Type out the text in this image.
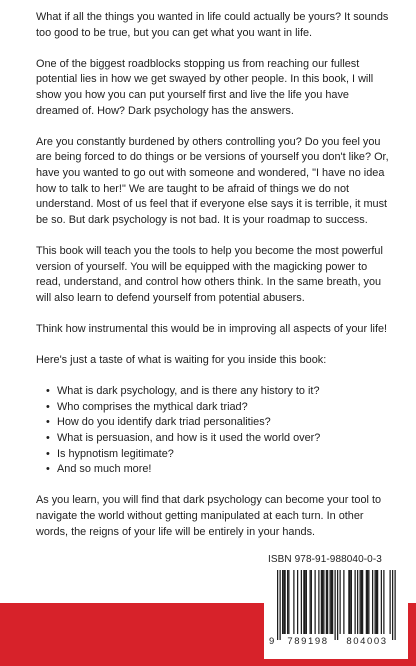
What if all the things you wanted in life could actually be yours? It sounds too good to be true, but you can get what you want in life.

One of the biggest roadblocks stopping us from reaching our fullest potential lies in how we get swayed by other people. In this book, I will show you how you can put yourself first and live the life you have dreamed of. How? Dark psychology has the answers.

Are you constantly burdened by others controlling you? Do you feel you are being forced to do things or be versions of yourself you don't like? Or, have you wanted to go out with someone and wondered, "I have no idea how to talk to her!" We are taught to be afraid of things we do not understand. Most of us feel that if everyone else says it is terrible, it must be so. But dark psychology is not bad. It is your roadmap to success.

This book will teach you the tools to help you become the most powerful version of yourself. You will be equipped with the magicking power to read, understand, and control how others think. In the same breath, you will also learn to defend yourself from potential abusers.

Think how instrumental this would be in improving all aspects of your life!

Here's just a taste of what is waiting for you inside this book:

• What is dark psychology, and is there any history to it?
• Who comprises the mythical dark triad?
• How do you identify dark triad personalities?
• What is persuasion, and how is it used the world over?
• Is hypnotism legitimate?
• And so much more!

As you learn, you will find that dark psychology can become your tool to navigate the world without getting manipulated at each turn. In other words, the reigns of your life will be entirely in your hands.

ISBN 978-91-988040-0-3
9 789198 804003
